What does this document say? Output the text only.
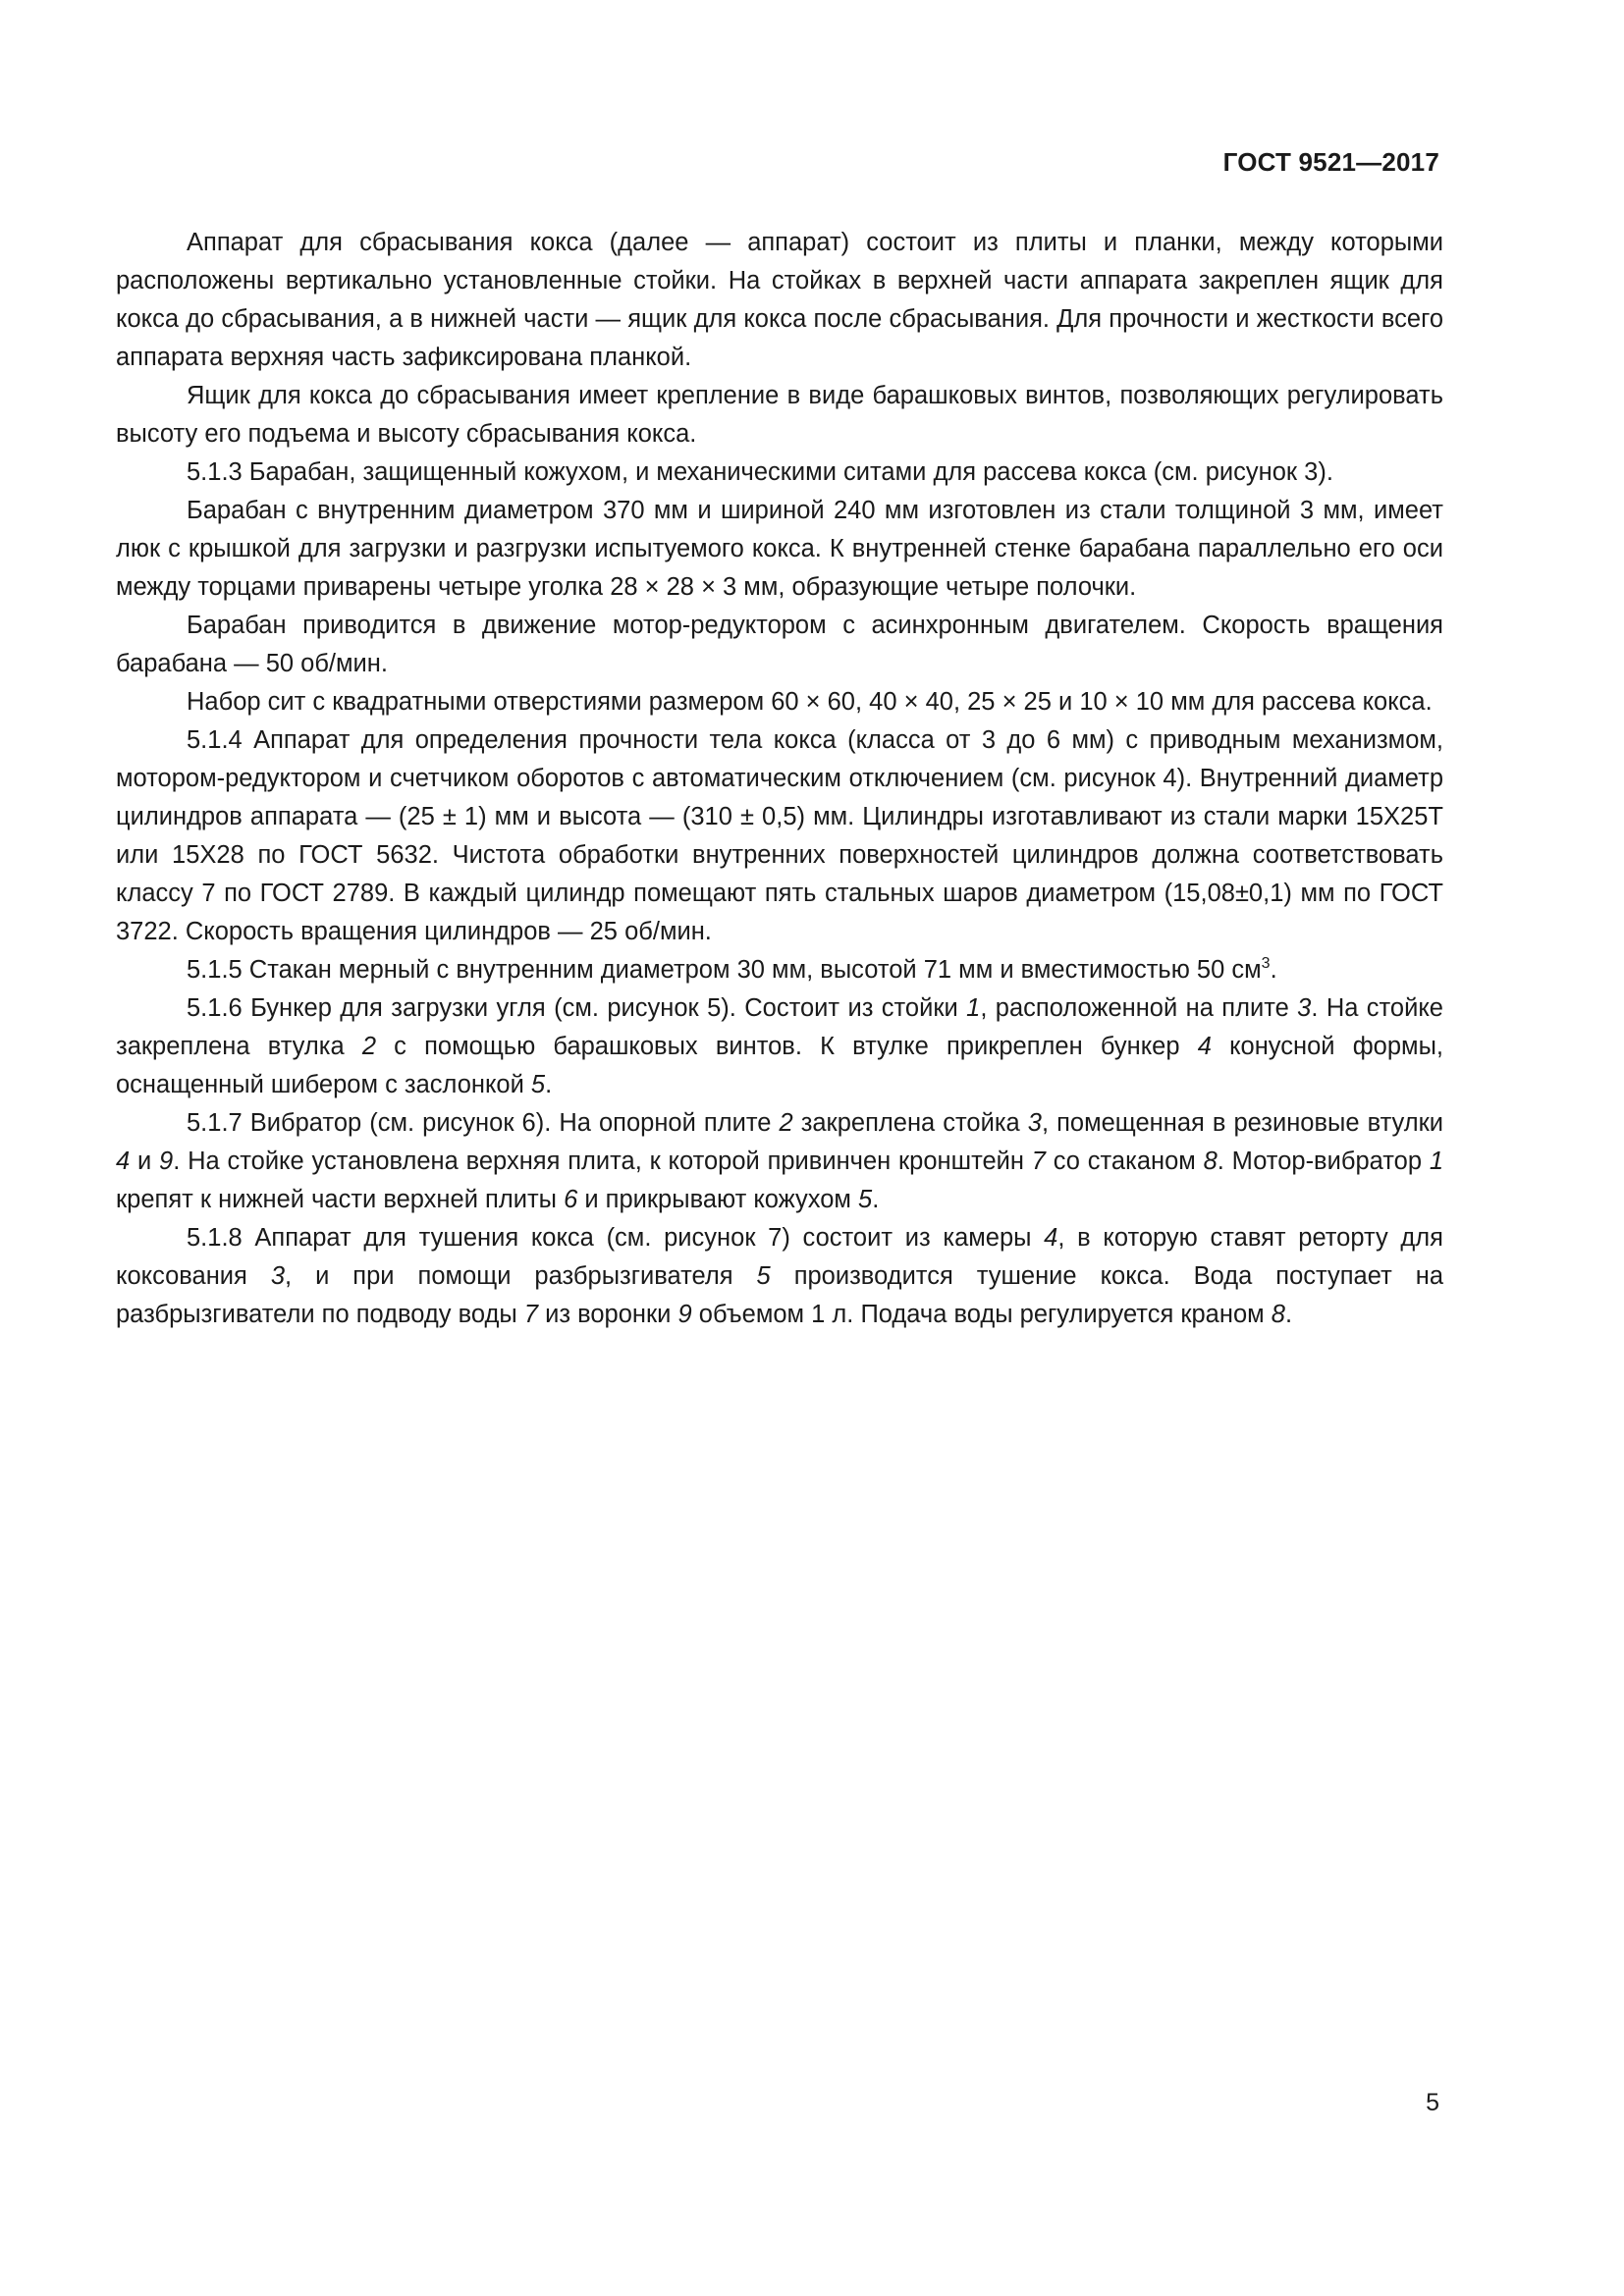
ГОСТ 9521—2017

Аппарат для сбрасывания кокса (далее — аппарат) состоит из плиты и планки, между которыми расположены вертикально установленные стойки. На стойках в верхней части аппарата закреплен ящик для кокса до сбрасывания, а в нижней части — ящик для кокса после сбрасывания. Для прочности и жесткости всего аппарата верхняя часть зафиксирована планкой.

Ящик для кокса до сбрасывания имеет крепление в виде барашковых винтов, позволяющих регулировать высоту его подъема и высоту сбрасывания кокса.

5.1.3 Барабан, защищенный кожухом, и механическими ситами для рассева кокса (см. рисунок 3).

Барабан с внутренним диаметром 370 мм и шириной 240 мм изготовлен из стали толщиной 3 мм, имеет люк с крышкой для загрузки и разгрузки испытуемого кокса. К внутренней стенке барабана параллельно его оси между торцами приварены четыре уголка 28 × 28 × 3 мм, образующие четыре полочки.

Барабан приводится в движение мотор-редуктором с асинхронным двигателем. Скорость вращения барабана — 50 об/мин.

Набор сит с квадратными отверстиями размером 60 × 60, 40 × 40, 25 × 25 и 10 × 10 мм для рассева кокса.

5.1.4 Аппарат для определения прочности тела кокса (класса от 3 до 6 мм) с приводным механизмом, мотором-редуктором и счетчиком оборотов с автоматическим отключением (см. рисунок 4). Внутренний диаметр цилиндров аппарата — (25 ± 1) мм и высота — (310 ± 0,5) мм. Цилиндры изготавливают из стали марки 15Х25Т или 15Х28 по ГОСТ 5632. Чистота обработки внутренних поверхностей цилиндров должна соответствовать классу 7 по ГОСТ 2789. В каждый цилиндр помещают пять стальных шаров диаметром (15,08±0,1) мм по ГОСТ 3722. Скорость вращения цилиндров — 25 об/мин.

5.1.5 Стакан мерный с внутренним диаметром 30 мм, высотой 71 мм и вместимостью 50 $см^3$.

5.1.6 Бункер для загрузки угля (см. рисунок 5). Состоит из стойки 1, расположенной на плите 3. На стойке закреплена втулка 2 с помощью барашковых винтов. К втулке прикреплен бункер 4 конусной формы, оснащенный шибером с заслонкой 5.

5.1.7 Вибратор (см. рисунок 6). На опорной плите 2 закреплена стойка 3, помещенная в резиновые втулки 4 и 9. На стойке установлена верхняя плита, к которой привинчен кронштейн 7 со стаканом 8. Мотор-вибратор 1 крепят к нижней части верхней плиты 6 и прикрывают кожухом 5.

5.1.8 Аппарат для тушения кокса (см. рисунок 7) состоит из камеры 4, в которую ставят реторту для коксования 3, и при помощи разбрызгивателя 5 производится тушение кокса. Вода поступает на разбрызгиватели по подводу воды 7 из воронки 9 объемом 1 л. Подача воды регулируется краном 8.

5
